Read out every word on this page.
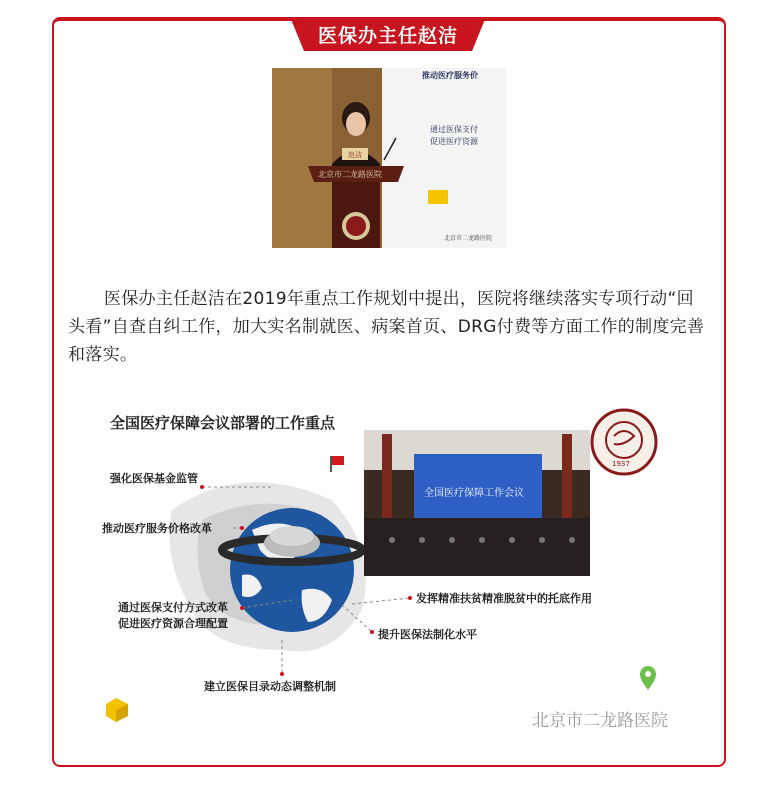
医保办主任赵洁
推动医疗服务价
通过医保支付
促进医疗资源
赵洁
北京市二龙路医院
北京市二龙路医院

医保办主任赵洁在2019年重点工作规划中提出，医院将继续落实专项行动“回头看”自查自纠工作，加大实名制就医、病案首页、DRG付费等方面工作的制度完善和落实。

全国医疗保障会议部署的工作重点
强化医保基金监管
推动医疗服务价格改革
通过医保支付方式改革
促进医疗资源合理配置
发挥精准扶贫精准脱贫中的托底作用
提升医保法制化水平
建立医保目录动态调整机制
全国医疗保障工作会议
1937
北京市二龙路医院
